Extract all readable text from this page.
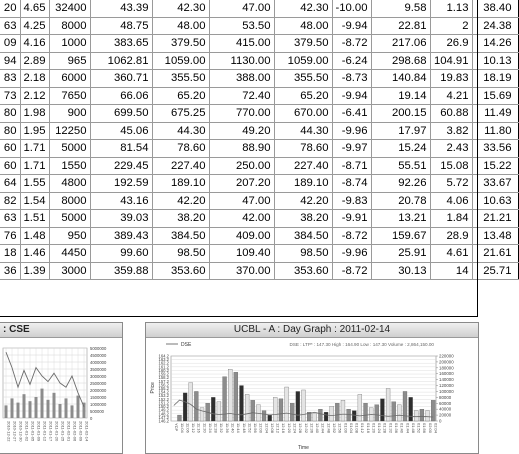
20	4.65	32400	43.39	42.30	47.00	42.30	-10.00	9.58	1.13	38.40
63	4.25	8000	48.75	48.00	53.50	48.00	-9.94	22.81	2	24.38
09	4.16	1000	383.65	379.50	415.00	379.50	-8.72	217.06	26.9	14.26
94	2.89	965	1062.81	1059.00	1130.00	1059.00	-6.24	298.68	104.91	10.13
83	2.18	6000	360.71	355.50	388.00	355.50	-8.73	140.84	19.83	18.19
73	2.12	7650	66.06	65.20	72.40	65.20	-9.94	19.14	4.21	15.69
80	1.98	900	699.50	675.25	770.00	670.00	-6.41	200.15	60.88	11.49
80	1.95	12250	45.06	44.30	49.20	44.30	-9.96	17.97	3.82	11.80
60	1.71	5000	81.54	78.60	88.90	78.60	-9.97	15.24	2.43	33.56
60	1.71	1550	229.45	227.40	250.00	227.40	-8.71	55.51	15.08	15.22
64	1.55	4800	192.59	189.10	207.20	189.10	-8.74	92.26	5.72	33.67
82	1.54	8000	43.16	42.20	47.00	42.20	-9.83	20.78	4.06	10.63
63	1.51	5000	39.03	38.20	42.00	38.20	-9.91	13.21	1.84	21.21
76	1.48	950	389.43	384.50	409.00	384.50	-8.72	159.67	28.9	13.48
18	1.46	4450	99.60	98.50	109.40	98.50	-9.96	25.91	4.61	21.61
36	1.39	3000	359.88	353.60	370.00	353.60	-8.72	30.13	14	25.71
: CSE
5000000
4500000
4000000
3500000
3000000
2500000
2000000
1500000
1000000
500000
0
2010-12-22 2010-12-27 2010-12-30 2011-01-02 2011-01-05 2011-01-09 2011-01-12 2011-01-17 2011-01-20 2011-01-25 2011-02-01 2011-02-06 2011-02-09 2011-02-14
UCBL - A : Day Graph : 2011-02-14
DSE	DSE : LTP* : 147.30 High : 164.90 Low : 147.30 Volume : 2,864,150.00
164.2
163.2
162.2
161.2
160.2
159.2
158.2
157.2
156.2
155.2
154.2
153.2
152.2
151.2
150.2
149.2
148.2
147.2
146.2
220000
200000
180000
160000
140000
120000
100000
80000
60000
40000
20000
0
Price
YCP 11:04 11:06 11:12 11:16 11:20 11:24 11:28 11:32 11:36 11:40 11:44 11:48 11:52 11:56 12:00 12:04 12:08 12:12 12:16 12:20 12:24 12:28 12:32 12:36 12:40 12:44 12:48 12:52 12:56 01:00 01:04 01:08 01:12 01:16 01:20 01:24 01:28 01:32 01:36 01:40 01:44 01:48 01:52 01:56 02:00 02:04
Time
